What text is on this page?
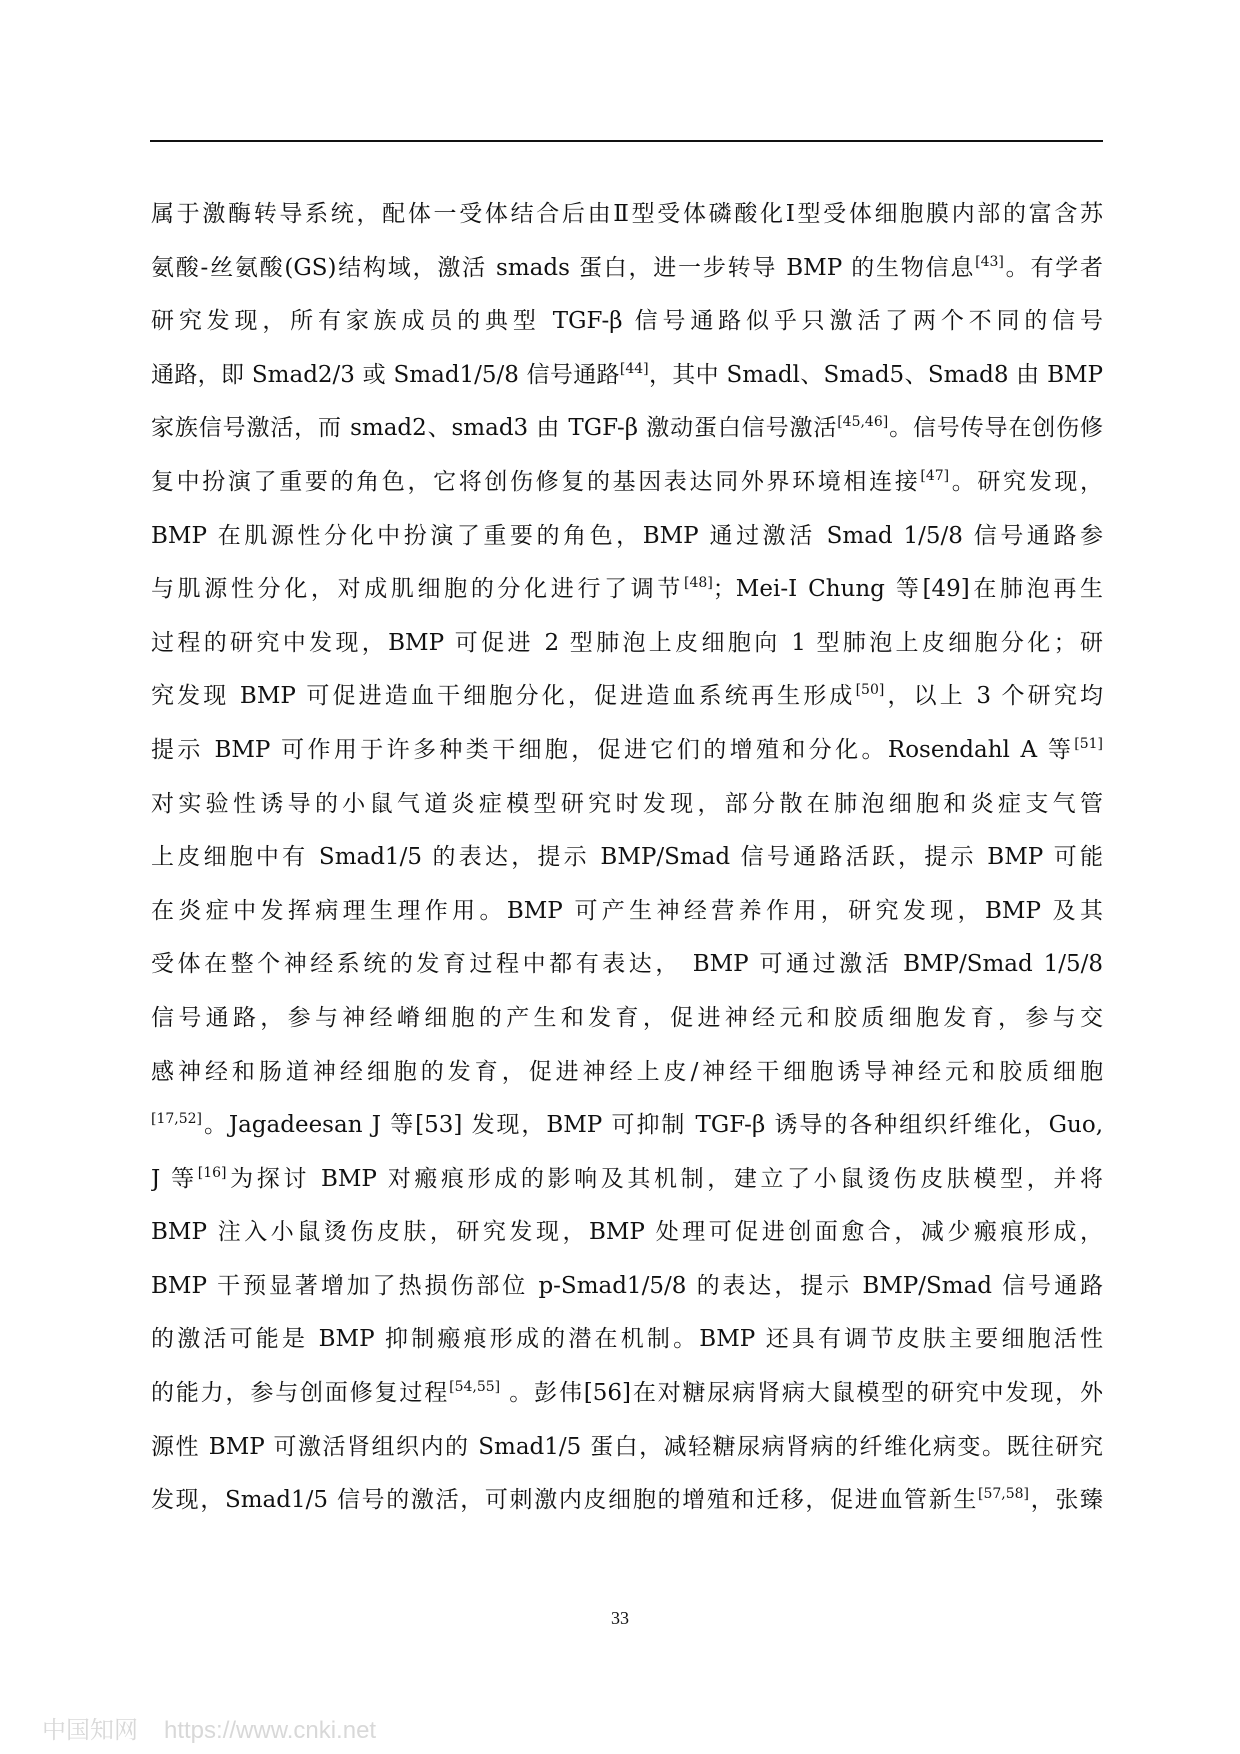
属于激酶转导系统，配体一受体结合后由Ⅱ型受体磷酸化Ⅰ型受体细胞膜内部的富含苏
氨酸-丝氨酸(GS)结构域，激活 smads 蛋白，进一步转导 BMP 的生物信息[43]。有学者
研究发现，所有家族成员的典型 TGF-β 信号通路似乎只激活了两个不同的信号
通路，即 Smad2/3 或 Smad1/5/8 信号通路[44]，其中 Smadl、Smad5、Smad8 由 BMP
家族信号激活，而 smad2、smad3 由 TGF-β 激动蛋白信号激活[45,46]。信号传导在创伤修
复中扮演了重要的角色，它将创伤修复的基因表达同外界环境相连接[47]。研究发现，
BMP 在肌源性分化中扮演了重要的角色，BMP 通过激活 Smad 1/5/8 信号通路参
与肌源性分化，对成肌细胞的分化进行了调节[48]；Mei-I Chung 等[49]在肺泡再生
过程的研究中发现，BMP 可促进 2 型肺泡上皮细胞向 1 型肺泡上皮细胞分化；研
究发现 BMP 可促进造血干细胞分化，促进造血系统再生形成[50]，以上 3 个研究均
提示 BMP 可作用于许多种类干细胞，促进它们的增殖和分化。Rosendahl A 等[51]
对实验性诱导的小鼠气道炎症模型研究时发现，部分散在肺泡细胞和炎症支气管
上皮细胞中有 Smad1/5 的表达，提示 BMP/Smad 信号通路活跃，提示 BMP 可能
在炎症中发挥病理生理作用。BMP 可产生神经营养作用，研究发现，BMP 及其
受体在整个神经系统的发育过程中都有表达， BMP 可通过激活 BMP/Smad 1/5/8
信号通路，参与神经嵴细胞的产生和发育，促进神经元和胶质细胞发育，参与交
感神经和肠道神经细胞的发育，促进神经上皮/神经干细胞诱导神经元和胶质细胞
[17,52]。Jagadeesan J 等[53] 发现，BMP 可抑制 TGF-β 诱导的各种组织纤维化，Guo,
J 等[16]为探讨 BMP 对瘢痕形成的影响及其机制，建立了小鼠烫伤皮肤模型，并将
BMP 注入小鼠烫伤皮肤，研究发现，BMP 处理可促进创面愈合，减少瘢痕形成，
BMP 干预显著增加了热损伤部位 p-Smad1/5/8 的表达，提示 BMP/Smad 信号通路
的激活可能是 BMP 抑制瘢痕形成的潜在机制。BMP 还具有调节皮肤主要细胞活性
的能力，参与创面修复过程[54,55] 。彭伟[56]在对糖尿病肾病大鼠模型的研究中发现，外
源性 BMP 可激活肾组织内的 Smad1/5 蛋白，减轻糖尿病肾病的纤维化病变。既往研究
发现，Smad1/5 信号的激活，可刺激内皮细胞的增殖和迁移，促进血管新生[57,58]，张臻
33
中国知网 https://www.cnki.net
